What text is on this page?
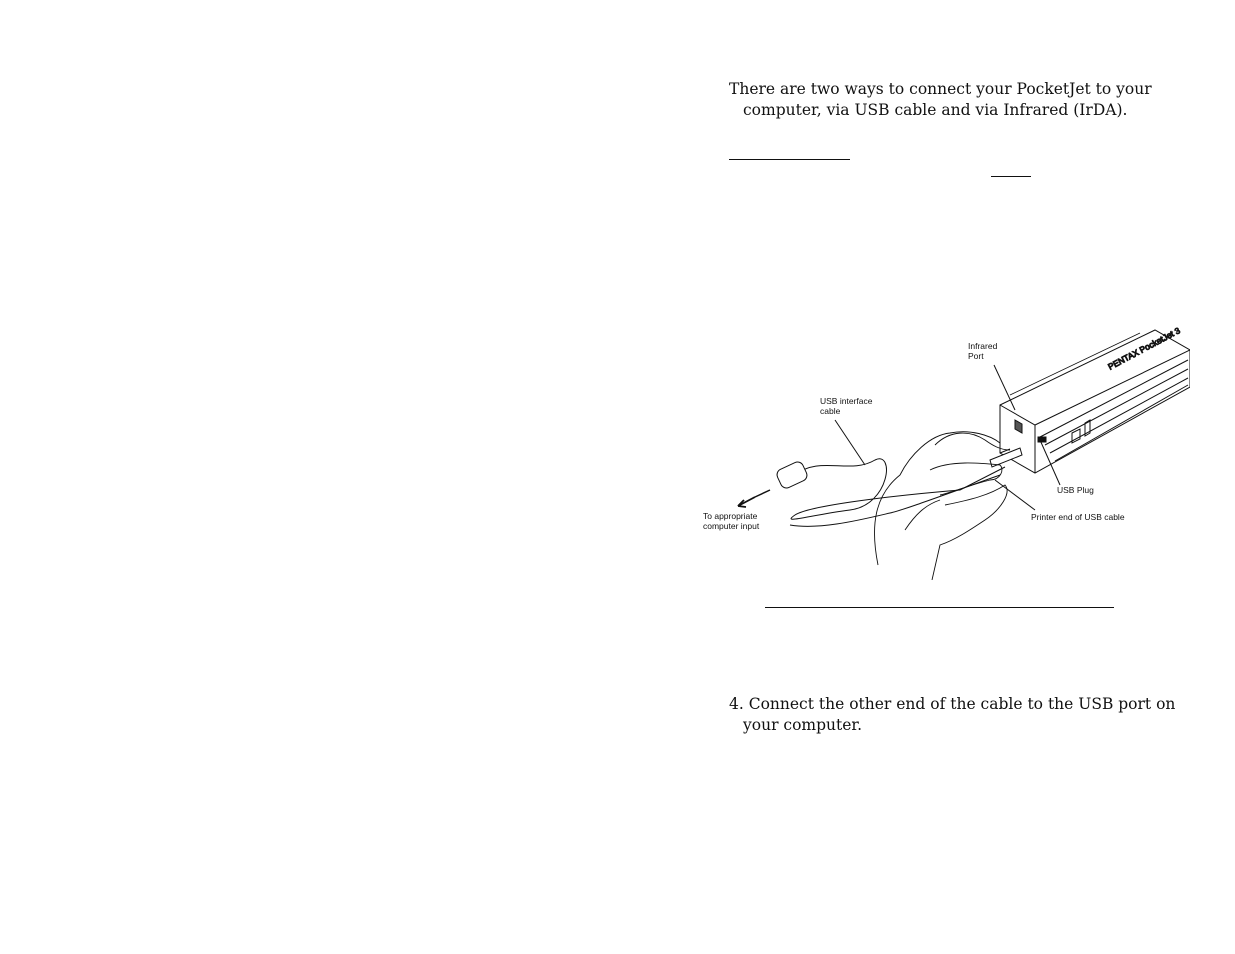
There are two ways to connect your PocketJet to your computer, via USB cable and via Infrared (IrDA).
PENTAX PocketJet 3
Infrared
Port
USB interface
cable
To appropriate
computer input
USB Plug
Printer end of USB cable
4. Connect the other end of the cable to the USB port on your computer.
